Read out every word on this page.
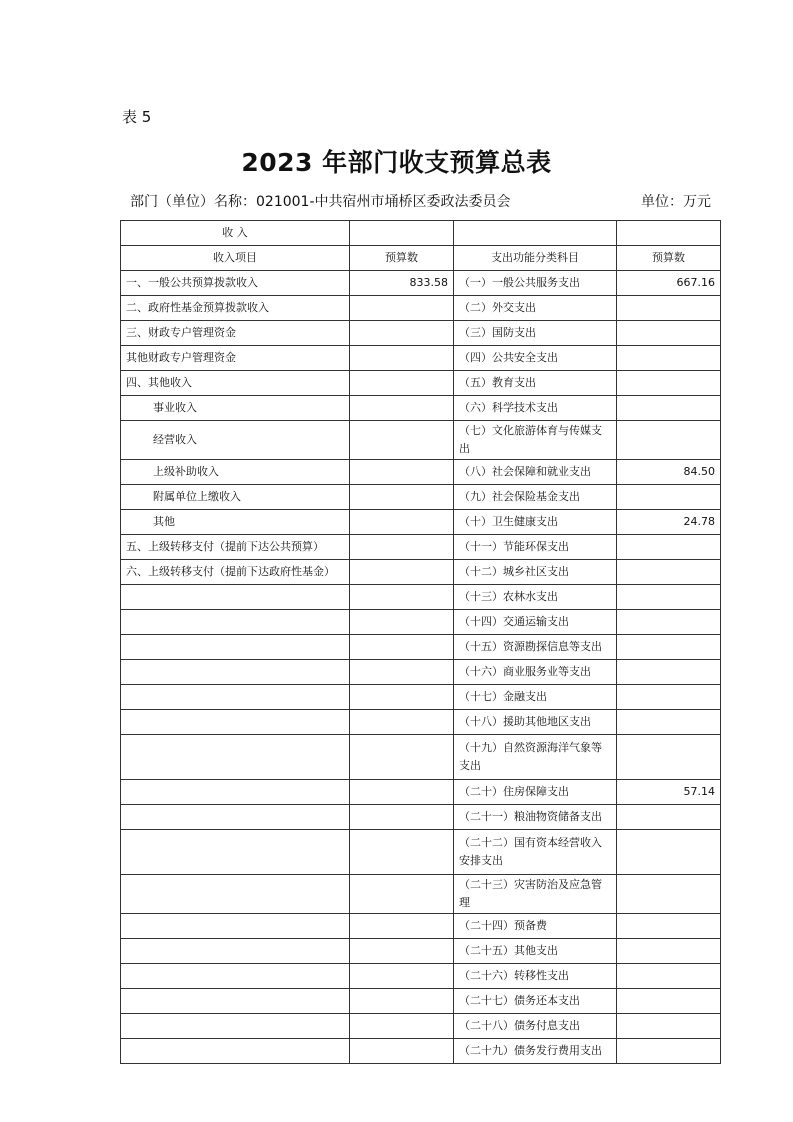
表 5
2023 年部门收支预算总表
部门（单位）名称：021001-中共宿州市埇桥区委政法委员会	单位：万元
收 入			
收入项目	预算数	支出功能分类科目	预算数
一、一般公共预算拨款收入	833.58	（一）一般公共服务支出	667.16
二、政府性基金预算拨款收入		（二）外交支出	
三、财政专户管理资金		（三）国防支出	
其他财政专户管理资金		（四）公共安全支出	
四、其他收入		（五）教育支出	
事业收入		（六）科学技术支出	
经营收入		（七）文化旅游体育与传媒支出	
上级补助收入		（八）社会保障和就业支出	84.50
附属单位上缴收入		（九）社会保险基金支出	
其他		（十）卫生健康支出	24.78
五、上级转移支付（提前下达公共预算）		（十一）节能环保支出	
六、上级转移支付（提前下达政府性基金）		（十二）城乡社区支出	
		（十三）农林水支出	
		（十四）交通运输支出	
		（十五）资源勘探信息等支出	
		（十六）商业服务业等支出	
		（十七）金融支出	
		（十八）援助其他地区支出	
		（十九）自然资源海洋气象等支出	
		（二十）住房保障支出	57.14
		（二十一）粮油物资储备支出	
		（二十二）国有资本经营收入安排支出	
		（二十三）灾害防治及应急管理	
		（二十四）预备费	
		（二十五）其他支出	
		（二十六）转移性支出	
		（二十七）债务还本支出	
		（二十八）债务付息支出	
		（二十九）债务发行费用支出	
